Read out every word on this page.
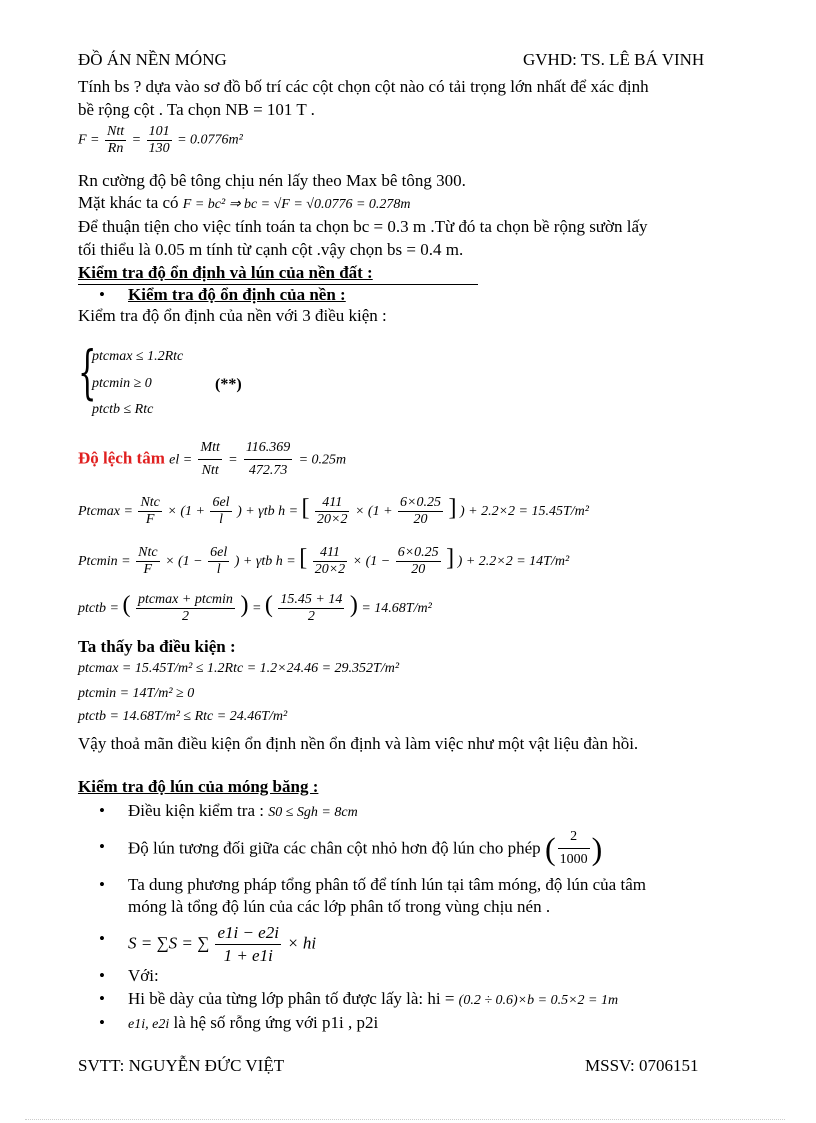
ĐỒ ÁN NỀN MÓNG	GVHD: TS. LÊ BÁ VINH
Tính bs ? dựa vào sơ đồ bố trí các cột chọn cột nào có tải trọng lớn nhất để xác định
bề rộng cột . Ta chọn NB = 101 T .
$F = \frac{\text{Ntt}}{Rn} = \frac{101}{130} = 0.0776m^2$
Rn cường độ bê tông chịu nén lấy theo Max bê tông 300.
Mặt khác ta có F = bc² ⇒ bc = √F = √0.0776 = 0.278m
Để thuận tiện cho việc tính toán ta chọn bc = 0.3 m .Từ đó ta chọn bề rộng sườn lấy
tối thiểu là 0.05 m tính từ cạnh cột .vậy chọn bs = 0.4 m.
Kiểm tra độ ổn định và lún của nền đất :
Kiểm tra độ ổn định của nền :
Kiểm tra độ ổn định của nền với 3 điều kiện :
{
ptcmax ≤ 1.2Rtc
ptcmin ≥ 0
ptctb ≤ Rtc
(**)
Độ lệch tâm el = $\frac{\text{Mtt}}{\text{Ntt}} = \frac{116.369}{472.73} = 0.25m$
$Ptcmax = \frac{\text{Ntc}}{F} \times (1 + \frac{6el}{l}$ ) + γtb h = [ $\frac{411}{20\times 2} \times (1 + \frac{6\times 0.25}{20}$ ] ) + 2.2×2 = 15.45T/m²
$Ptcmin = \frac{\text{Ntc}}{F} \times (1 - \frac{6el}{l}$ ) + γtb h = [ $\frac{411}{20\times 2} \times (1 - \frac{6\times 0.25}{20}$ ] ) + 2.2×2 = 14T/m²
ptctb = ( $\frac{\text{ptcmax + ptcmin}}{2}$ ) = ( $\frac{15.45 + 14}{2}$ ) = 14.68T/m²
Ta thấy ba điều kiện :
ptcmax = 15.45T/m² ≤ 1.2Rtc = 1.2×24.46 = 29.352T/m²
ptcmin = 14T/m² ≥ 0
ptctb = 14.68T/m² ≤ Rtc = 24.46T/m²
Vậy thoả mãn điều kiện ổn định nền ổn định và làm việc như một vật liệu đàn hồi.
Kiểm tra độ lún của móng băng :
Điều kiện kiểm tra : S0 ≤ Sgh = 8cm
Độ lún tương đối giữa các chân cột nhỏ hơn độ lún cho phép ( $\frac{2}{1000}$ )
Ta dung phương pháp tổng phân tố để tính lún tại tâm móng, độ lún của tâm
móng là tổng độ lún của các lớp phân tố trong vùng chịu nén .
S = ∑S = ∑ $\frac{e1i - e2i}{1 + e1i}$ × hi
Với:
Hi bề dày của từng lớp phân tố được lấy là: hi = (0.2 ÷ 0.6)×b = 0.5×2 = 1m
e1i, e2i là hệ số rỗng ứng với p1i , p2i
SVTT: NGUYỄN ĐỨC VIỆT	MSSV: 0706151
